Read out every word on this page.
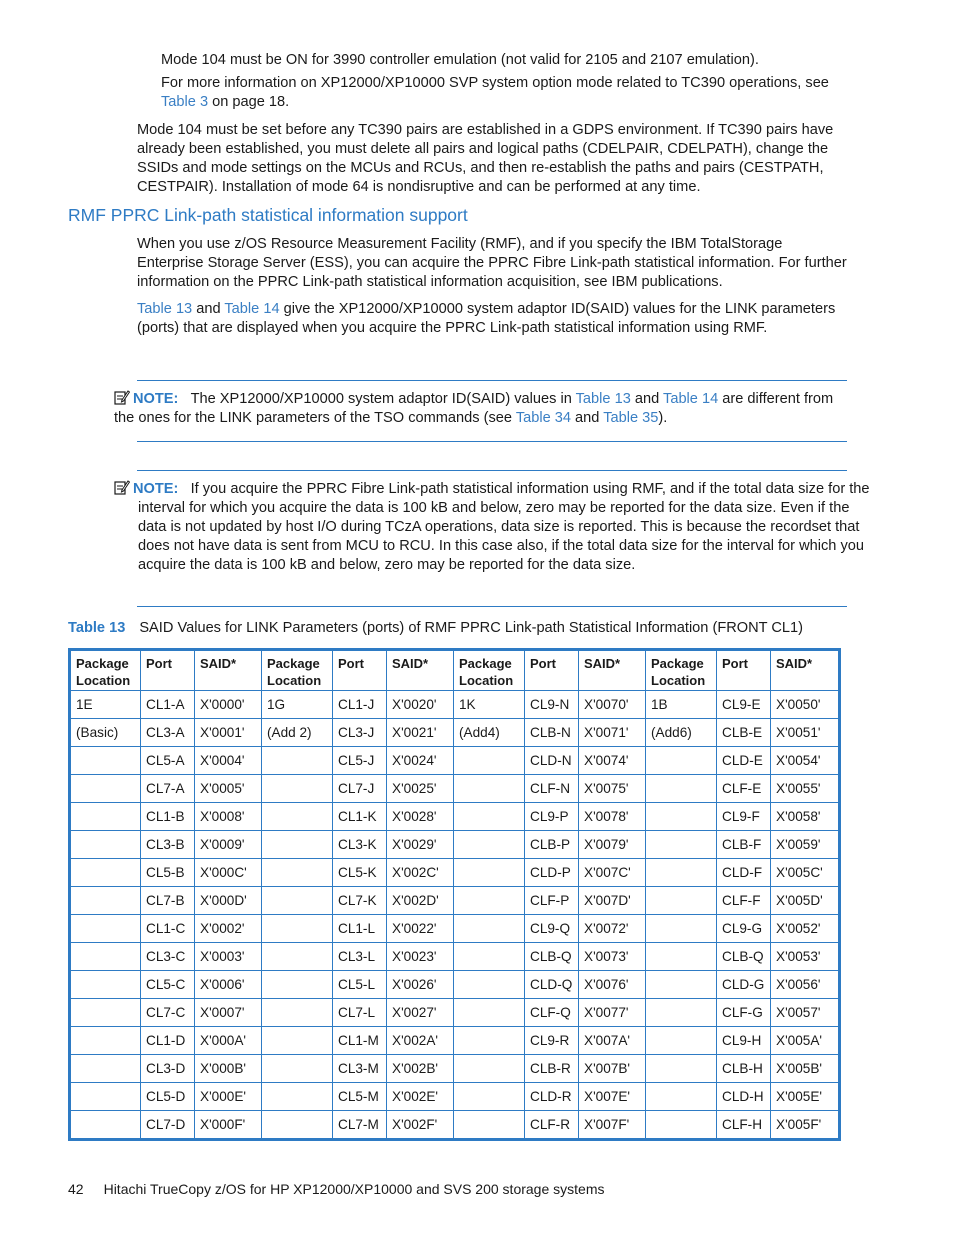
Mode 104 must be ON for 3990 controller emulation (not valid for 2105 and 2107 emulation).

For more information on XP12000/XP10000 SVP system option mode related to TC390 operations, see Table 3 on page 18.

Mode 104 must be set before any TC390 pairs are established in a GDPS environment. If TC390 pairs have already been established, you must delete all pairs and logical paths (CDELPAIR, CDELPATH), change the SSIDs and mode settings on the MCUs and RCUs, and then re-establish the paths and pairs (CESTPATH, CESTPAIR). Installation of mode 64 is nondisruptive and can be performed at any time.

RMF PPRC Link-path statistical information support

When you use z/OS Resource Measurement Facility (RMF), and if you specify the IBM TotalStorage Enterprise Storage Server (ESS), you can acquire the PPRC Fibre Link-path statistical information. For further information on the PPRC Link-path statistical information acquisition, see IBM publications.

Table 13 and Table 14 give the XP12000/XP10000 system adaptor ID(SAID) values for the LINK parameters (ports) that are displayed when you acquire the PPRC Link-path statistical information using RMF.

NOTE: The XP12000/XP10000 system adaptor ID(SAID) values in Table 13 and Table 14 are different from the ones for the LINK parameters of the TSO commands (see Table 34 and Table 35).
NOTE: If you acquire the PPRC Fibre Link-path statistical information using RMF, and if the total data size for the interval for which you acquire the data is 100 kB and below, zero may be reported for the data size. Even if the data is not updated by host I/O during TCzA operations, data size is reported. This is because the recordset that does not have data is sent from MCU to RCU. In this case also, if the total data size for the interval for which you acquire the data is 100 kB and below, zero may be reported for the data size.
Table 13 SAID Values for LINK Parameters (ports) of RMF PPRC Link-path Statistical Information (FRONT CL1)
Package Location	Port	SAID*	Package Location	Port	SAID*	Package Location	Port	SAID*	Package Location	Port	SAID*
1E	CL1-A	X'0000'	1G	CL1-J	X'0020'	1K	CL9-N	X'0070'	1B	CL9-E	X'0050'
(Basic)	CL3-A	X'0001'	(Add 2)	CL3-J	X'0021'	(Add4)	CLB-N	X'0071'	(Add6)	CLB-E	X'0051'
	CL5-A	X'0004'		CL5-J	X'0024'		CLD-N	X'0074'		CLD-E	X'0054'
	CL7-A	X'0005'		CL7-J	X'0025'		CLF-N	X'0075'		CLF-E	X'0055'
	CL1-B	X'0008'		CL1-K	X'0028'		CL9-P	X'0078'		CL9-F	X'0058'
	CL3-B	X'0009'		CL3-K	X'0029'		CLB-P	X'0079'		CLB-F	X'0059'
	CL5-B	X'000C'		CL5-K	X'002C'		CLD-P	X'007C'		CLD-F	X'005C'
	CL7-B	X'000D'		CL7-K	X'002D'		CLF-P	X'007D'		CLF-F	X'005D'
	CL1-C	X'0002'		CL1-L	X'0022'		CL9-Q	X'0072'		CL9-G	X'0052'
	CL3-C	X'0003'		CL3-L	X'0023'		CLB-Q	X'0073'		CLB-Q	X'0053'
	CL5-C	X'0006'		CL5-L	X'0026'		CLD-Q	X'0076'		CLD-G	X'0056'
	CL7-C	X'0007'		CL7-L	X'0027'		CLF-Q	X'0077'		CLF-G	X'0057'
	CL1-D	X'000A'		CL1-M	X'002A'		CL9-R	X'007A'		CL9-H	X'005A'
	CL3-D	X'000B'		CL3-M	X'002B'		CLB-R	X'007B'		CLB-H	X'005B'
	CL5-D	X'000E'		CL5-M	X'002E'		CLD-R	X'007E'		CLD-H	X'005E'
	CL7-D	X'000F'		CL7-M	X'002F'		CLF-R	X'007F'		CLF-H	X'005F'
42 Hitachi TrueCopy z/OS for HP XP12000/XP10000 and SVS 200 storage systems
